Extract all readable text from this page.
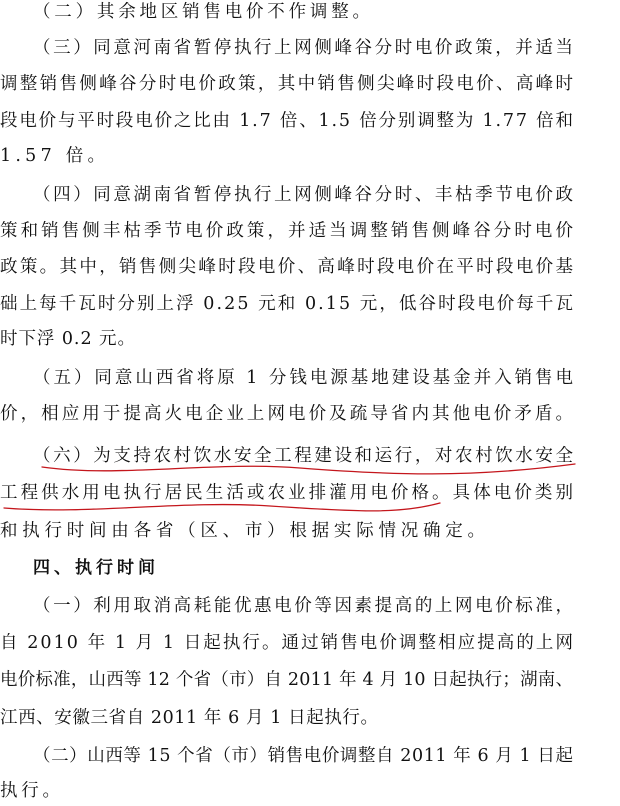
（二）其余地区销售电价不作调整。
（三）同意河南省暂停执行上网侧峰谷分时电价政策，并适当
调整销售侧峰谷分时电价政策，其中销售侧尖峰时段电价、高峰时
段电价与平时段电价之比由 1.7 倍、1.5 倍分别调整为 1.77 倍和
1.57 倍。
（四）同意湖南省暂停执行上网侧峰谷分时、丰枯季节电价政
策和销售侧丰枯季节电价政策，并适当调整销售侧峰谷分时电价
政策。其中，销售侧尖峰时段电价、高峰时段电价在平时段电价基
础上每千瓦时分别上浮 0.25 元和 0.15 元，低谷时段电价每千瓦
时下浮 0.2 元。
（五）同意山西省将原 1 分钱电源基地建设基金并入销售电
价，相应用于提高火电企业上网电价及疏导省内其他电价矛盾。
（六）为支持农村饮水安全工程建设和运行，对农村饮水安全
工程供水用电执行居民生活或农业排灌用电价格。具体电价类别
和执行时间由各省（区、市）根据实际情况确定。
四、执行时间
（一）利用取消高耗能优惠电价等因素提高的上网电价标准，
自 2010 年 1 月 1 日起执行。通过销售电价调整相应提高的上网
电价标准，山西等 12 个省（市）自 2011 年 4 月 10 日起执行；湖南、
江西、安徽三省自 2011 年 6 月 1 日起执行。
（二）山西等 15 个省（市）销售电价调整自 2011 年 6 月 1 日起
执行。
